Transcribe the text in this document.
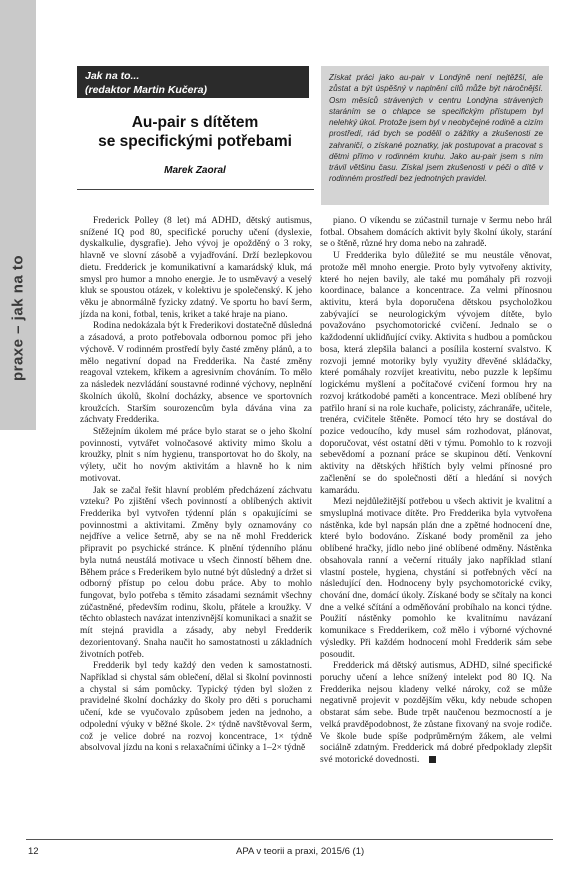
praxe – jak na to
Jak na to...
(redaktor Martin Kučera)
Au-pair s dítětem
se specifickými potřebami
Marek Zaoral
Získat práci jako au-pair v Londýně není nejtěžší, ale zůstat a být úspěšný v naplnění cílů může být náročnější. Osm měsíců strávených v centru Londýna strávených staráním se o chlapce se specifickým přístupem byl nelehký úkol. Protože jsem byl v neobyčejné rodině a cizím prostředí, rád bych se podělil o zážitky a zkušenosti ze zahraničí, o získané poznatky, jak postupovat a pracovat s dětmi přímo v rodinném kruhu. Jako au-pair jsem s ním trávil většinu času. Získal jsem zkušenosti v péči o dítě v rodinném prostředí bez jednotných pravidel.

Frederick Polley (8 let) má ADHD, dětský autismus, snížené IQ pod 80, specifické poruchy učení (dyslexie, dyskalkulie, dysgrafie). Jeho vývoj je opožděný o 3 roky, hlavně ve slovní zásobě a vyjadřování. Drží bezlepkovou dietu. Fredderick je komunikativní a kamarádský kluk, má smysl pro humor a mnoho energie. Je to usměvavý a veselý kluk se spoustou otázek, v kolektivu je společenský. K jeho věku je abnormálně fyzicky zdatný. Ve sportu ho baví šerm, jízda na koni, fotbal, tenis, kriket a také hraje na piano.

Rodina nedokázala být k Frederikovi dostatečně důsledná a zásadová, a proto potřebovala odbornou pomoc při jeho výchově. V rodinném prostředí byly časté změny plánů, a to mělo negativní dopad na Fredderika. Na časté změny reagoval vztekem, křikem a agresivním chováním. To mělo za následek nezvládání soustavné rodinné výchovy, neplnění školních úkolů, školní docházky, absence ve sportovních kroužcích. Starším sourozencům byla dávána vina za záchvaty Fredderika.

Stěžejním úkolem mé práce bylo starat se o jeho školní povinnosti, vytvářet volnočasové aktivity mimo školu a kroužky, plnit s ním hygienu, transportovat ho do školy, na výlety, učit ho novým aktivitám a hlavně ho k nim motivovat.

Jak se začal řešit hlavní problém předcházení záchvatu vzteku? Po zjištění všech povinností a oblíbených aktivit Fredderika byl vytvořen týdenní plán s opakujícími se povinnostmi a aktivitami. Změny byly oznamovány co nejdříve a velice šetrně, aby se na ně mohl Fredderick připravit po psychické stránce. K plnění týdenního plánu byla nutná neustálá motivace u všech činností během dne. Během práce s Frederikem bylo nutné být důsledný a držet si odborný přístup po celou dobu práce. Aby to mohlo fungovat, bylo potřeba s těmito zásadami seznámit všechny zúčastněné, především rodinu, školu, přátele a kroužky. V těchto oblastech navázat intenzivnější komunikaci a snažit se mít stejná pravidla a zásady, aby nebyl Fredderik dezorientovaný. Snaha naučit ho samostatnosti u základních životních potřeb.

Fredderik byl tedy každý den veden k samostatnosti. Například si chystal sám oblečení, dělal si školní povinnosti a chystal si sám pomůcky. Typický týden byl složen z pravidelné školní docházky do školy pro děti s poruchami učení, kde se vyučovalo způsobem jeden na jednoho, a odpolední výuky v běžné škole. 2× týdně navštěvoval šerm, což je velice dobré na rozvoj koncentrace, 1× týdně absolvoval jízdu na koni s relaxačními účinky a 1–2× týdně

piano. O víkendu se zúčastnil turnaje v šermu nebo hrál fotbal. Obsahem domácích aktivit byly školní úkoly, starání se o štěně, různé hry doma nebo na zahradě.

U Fredderika bylo důležité se mu neustále věnovat, protože měl mnoho energie. Proto byly vytvořeny aktivity, které ho nejen bavily, ale také mu pomáhaly při rozvoji koordinace, balance a koncentrace. Za velmi přínosnou aktivitu, která byla doporučena dětskou psycholožkou zabývající se neurologickým vývojem dítěte, bylo považováno psychomotorické cvičení. Jednalo se o každodenní uklidňující cviky. Aktivita s hudbou a pomůckou bosa, která zlepšila balanci a posílila kosterní svalstvo. K rozvoji jemné motoriky byly využity dřevěné skládačky, které pomáhaly rozvíjet kreativitu, nebo puzzle k lepšímu logickému myšlení a počítačové cvičení formou hry na rozvoj krátkodobé paměti a koncentrace. Mezi oblíbené hry patřilo hraní si na role kuchaře, policisty, záchranáře, učitele, trenéra, cvičitele štěněte. Pomocí této hry se dostával do pozice vedoucího, kdy musel sám rozhodovat, plánovat, doporučovat, vést ostatní děti v týmu. Pomohlo to k rozvoji sebevědomí a poznaní práce se skupinou dětí. Venkovní aktivity na dětských hřištích byly velmi přínosné pro začlenění se do společnosti dětí a hledání si nových kamarádu.

Mezi nejdůležitější potřebou u všech aktivit je kvalitní a smysluplná motivace dítěte. Pro Fredderika byla vytvořena nástěnka, kde byl napsán plán dne a zpětné hodnocení dne, které bylo bodováno. Získané body proměnil za jeho oblíbené hračky, jídlo nebo jiné oblíbené odměny. Nástěnka obsahovala ranní a večerní rituály jako například stlaní vlastní postele, hygiena, chystání si potřebných věcí na následující den. Hodnoceny byly psychomotorické cviky, chování dne, domácí úkoly. Získané body se sčítaly na konci dne a velké sčítání a odměňování probíhalo na konci týdne. Použití nástěnky pomohlo ke kvalitnímu navázaní komunikace s Fredderikem, což mělo i výborné výchovné výsledky. Při každém hodnocení mohl Fredderik sám sebe posoudit.

Fredderick má dětský autismus, ADHD, silné specifické poruchy učení a lehce snížený intelekt pod 80 IQ. Na Fredderika nejsou kladeny velké nároky, což se může negativně projevit v pozdějším věku, kdy nebude schopen obstarat sám sebe. Bude trpět naučenou bezmocností a je velká pravděpodobnost, že zůstane fixovaný na svoje rodiče. Ve škole bude spíše podprůměrným žákem, ale velmi sociálně zdatným. Fredderick má dobré předpoklady zlepšit své motorické dovednosti.

12	APA v teorii a praxi, 2015/6 (1)
